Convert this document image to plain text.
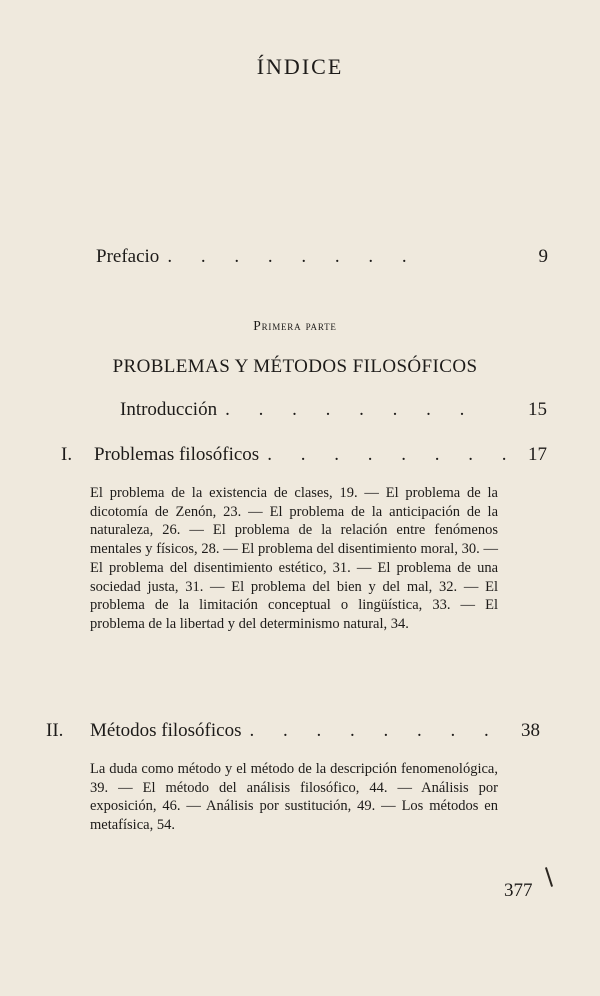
ÍNDICE
Prefacio . . . . . . . .	9
Primera parte
PROBLEMAS Y MÉTODOS FILOSÓFICOS
Introducción . . . . . . . .	15
I. Problemas filosóficos . . . . . . . . 17
El problema de la existencia de clases, 19. — El problema de la dicotomía de Zenón, 23. — El problema de la anticipación de la naturaleza, 26. — El problema de la relación entre fenómenos mentales y físicos, 28. — El problema del disentimiento moral, 30. — El problema del disentimiento estético, 31. — El problema de una sociedad justa, 31. — El problema del bien y del mal, 32. — El problema de la limitación conceptual o lingüística, 33. — El problema de la libertad y del determinismo natural, 34.
II. Métodos filosóficos . . . . . . . .	38
La duda como método y el método de la descripción fenomenológica, 39. — El método del análisis filosófico, 44. — Análisis por exposición, 46. — Análisis por sustitución, 49. — Los métodos en metafísica, 54.
377
